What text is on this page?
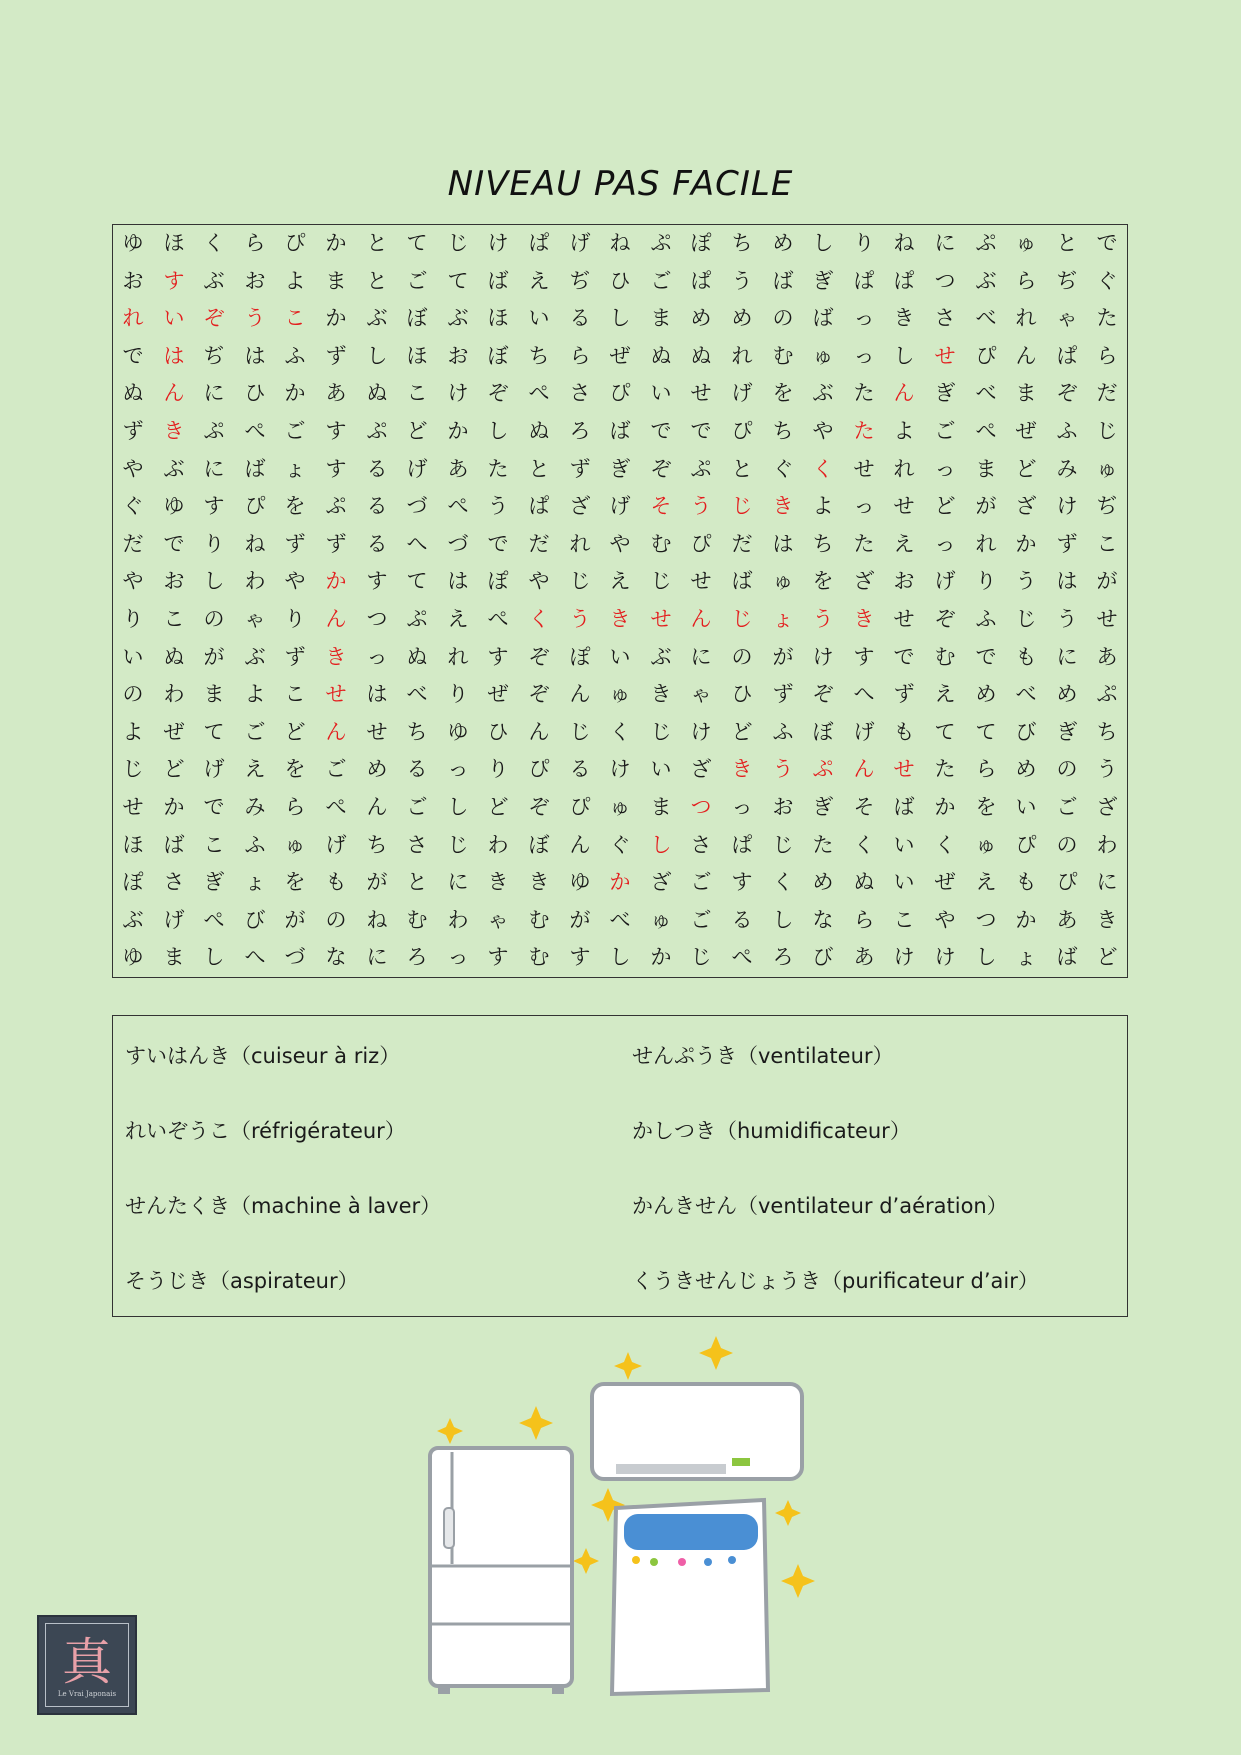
NIVEAU PAS FACILE
ゆ ほ く ら ぴ か と て じ け ぱ げ ね ぷ ぽ ち め し り ね に ぷ ゅ と で
お す ぶ お よ ま と ご て ば え ぢ ひ ご ぱ う ば ぎ ぱ ぱ つ ぶ ら ぢ ぐ
れ い ぞ う こ か ぶ ぼ ぶ ほ い る し ま め め の ば っ き さ べ れ ゃ た
で は ぢ は ふ ず し ほ お ぼ ち ら ぜ ぬ ぬ れ む ゅ っ し せ ぴ ん ぱ ら
ぬ ん に ひ か あ ぬ こ け ぞ ぺ さ ぴ い せ げ を ぶ た ん ぎ べ ま ぞ だ
ず き ぷ ぺ ご す ぷ ど か し ぬ ろ ば で で ぴ ち や た よ ご ぺ ぜ ふ じ
や ぶ に ば ょ す る げ あ た と ず ぎ ぞ ぷ と ぐ く せ れ っ ま ど み ゅ
ぐ ゆ す ぴ を ぷ る づ ぺ う ぱ ざ げ そ う じ き よ っ せ ど が ざ け ぢ
だ で り ね ず ず る へ づ で だ れ や む ぴ だ は ち た え っ れ か ず こ
や お し わ や か す て は ぽ や じ え じ せ ば ゅ を ざ お げ り う は が
り こ の ゃ り ん つ ぷ え ぺ く う き せ ん じ ょ う き せ ぞ ふ じ う せ
い ぬ が ぶ ず き っ ぬ れ す ぞ ぽ い ぶ に の が け す で む で も に あ
の わ ま よ こ せ は べ り ぜ ぞ ん ゅ き ゃ ひ ず ぞ へ ず え め べ め ぷ
よ ぜ て ご ど ん せ ち ゆ ひ ん じ く じ け ど ふ ぼ げ も て て び ぎ ち
じ ど げ え を ご め る っ り ぴ る け い ざ き う ぷ ん せ た ら め の う
せ か で み ら ぺ ん ご し ど ぞ ぴ ゅ ま つ っ お ぎ そ ば か を い ご ざ
ほ ば こ ふ ゅ げ ち さ じ わ ぼ ん ぐ し さ ぱ じ た く い く ゅ ぴ の わ
ぽ さ ぎ ょ を も が と に き き ゆ か ざ ご す く め ぬ い ぜ え も ぴ に
ぶ げ ぺ び が の ね む わ ゃ む が べ ゅ ご る し な ら こ や つ か あ き
ゆ ま し へ づ な に ろ っ す む す し か じ ぺ ろ び あ け け し ょ ば ど
すいはんき（cuiseur à riz）
れいぞうこ（réfrigérateur）
せんたくき（machine à laver）
そうじき（aspirateur）
せんぷうき（ventilateur）
かしつき（humidificateur）
かんきせん（ventilateur d’aération）
くうきせんじょうき（purificateur d’air）
真
Le Vrai Japonais
